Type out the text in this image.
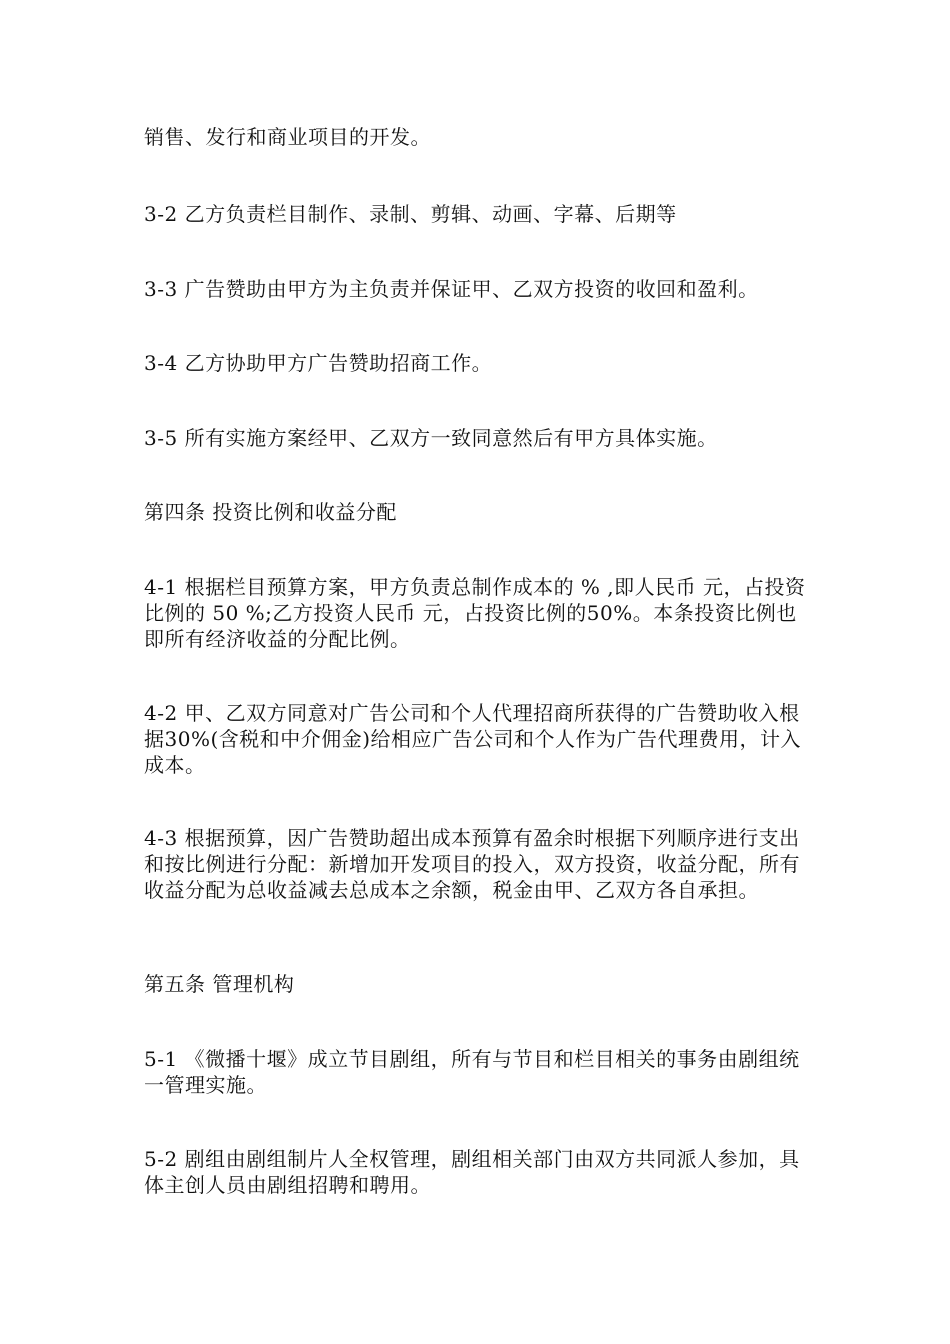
销售、发行和商业项目的开发。

3-2 乙方负责栏目制作、录制、剪辑、动画、字幕、后期等

3-3 广告赞助由甲方为主负责并保证甲、乙双方投资的收回和盈利。

3-4 乙方协助甲方广告赞助招商工作。

3-5 所有实施方案经甲、乙双方一致同意然后有甲方具体实施。

第四条 投资比例和收益分配

4-1 根据栏目预算方案，甲方负责总制作成本的 % ,即人民币 元，占投资比例的 50 %;乙方投资人民币 元，占投资比例的50%。本条投资比例也即所有经济收益的分配比例。

4-2 甲、乙双方同意对广告公司和个人代理招商所获得的广告赞助收入根据30%(含税和中介佣金)给相应广告公司和个人作为广告代理费用，计入成本。

4-3 根据预算，因广告赞助超出成本预算有盈余时根据下列顺序进行支出和按比例进行分配：新增加开发项目的投入，双方投资，收益分配，所有收益分配为总收益减去总成本之余额，税金由甲、乙双方各自承担。

第五条 管理机构

5-1 《微播十堰》成立节目剧组，所有与节目和栏目相关的事务由剧组统一管理实施。

5-2 剧组由剧组制片人全权管理，剧组相关部门由双方共同派人参加，具体主创人员由剧组招聘和聘用。
